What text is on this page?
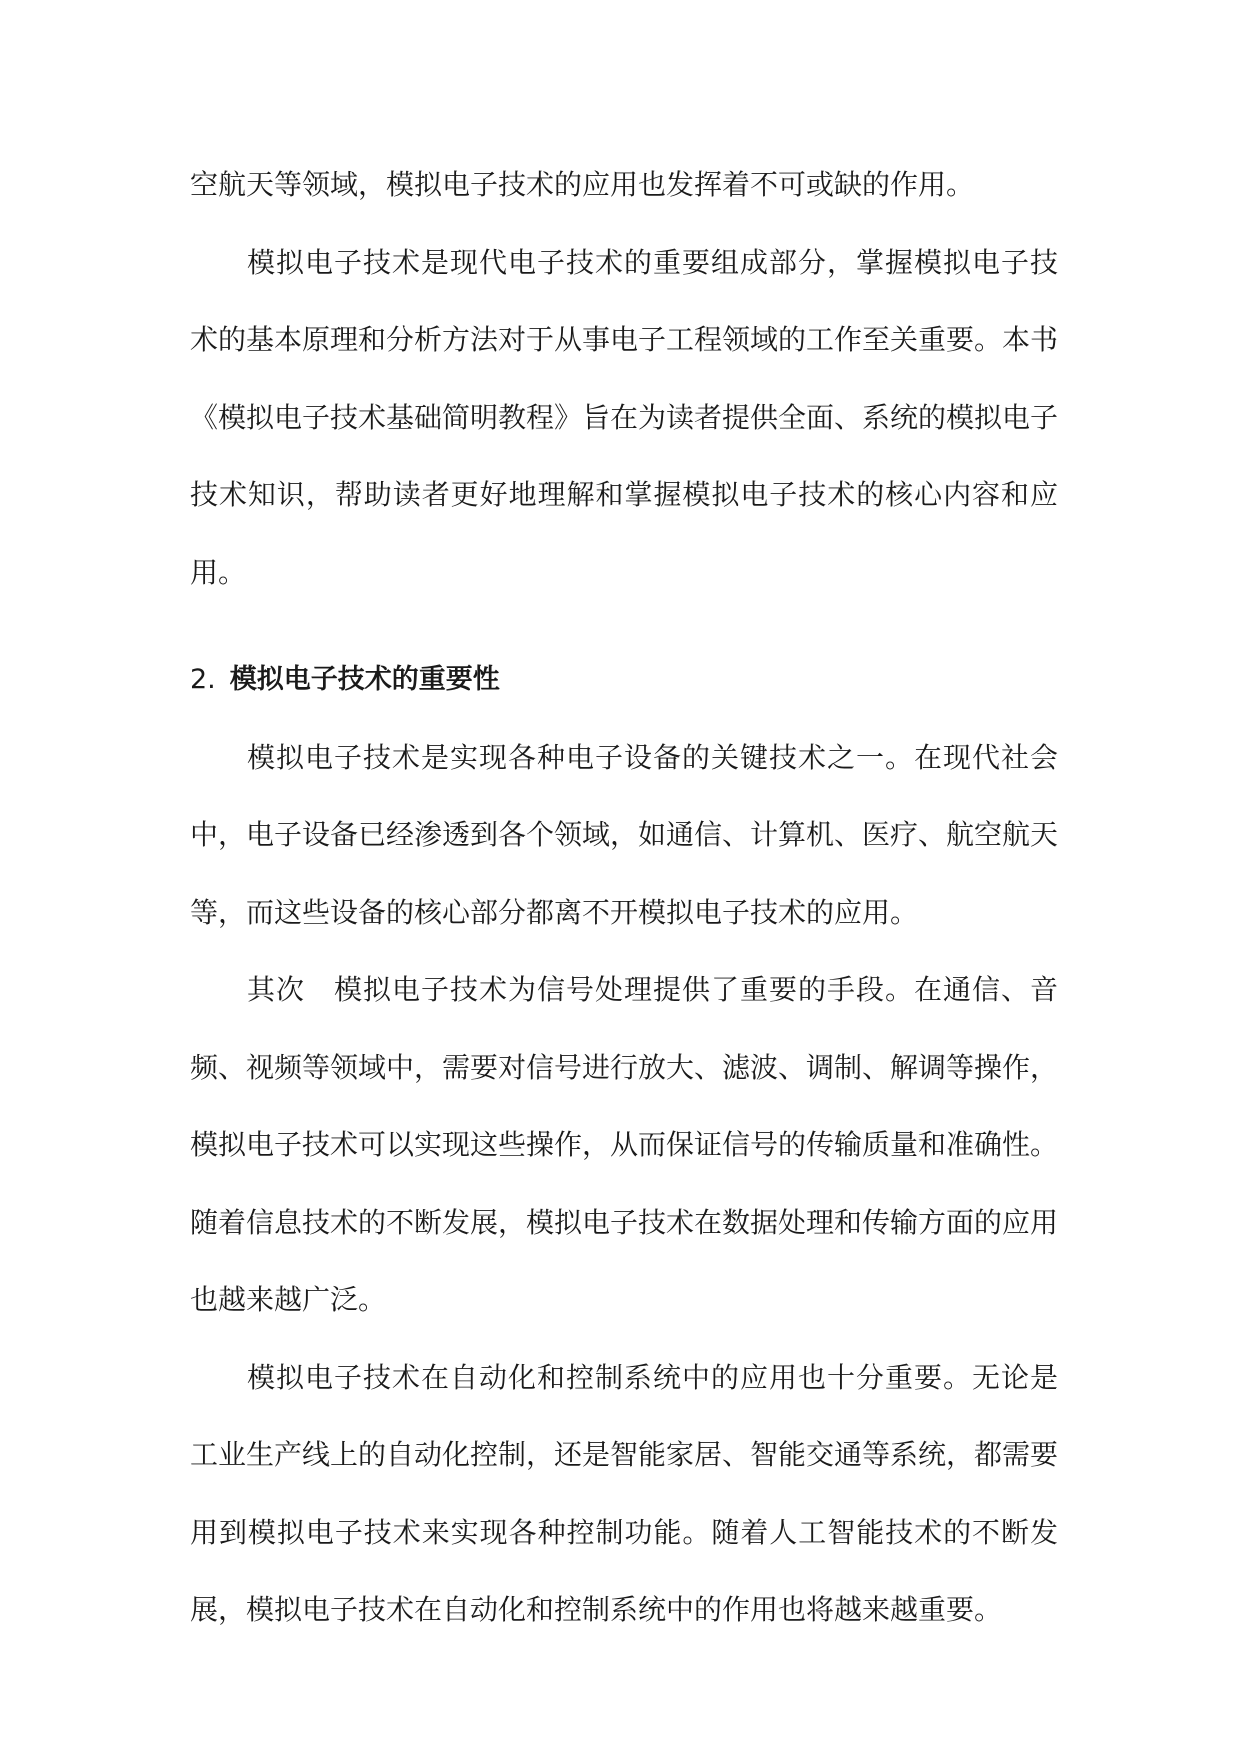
空航天等领域，模拟电子技术的应用也发挥着不可或缺的作用。

模拟电子技术是现代电子技术的重要组成部分，掌握模拟电子技术的基本原理和分析方法对于从事电子工程领域的工作至关重要。本书《模拟电子技术基础简明教程》旨在为读者提供全面、系统的模拟电子技术知识，帮助读者更好地理解和掌握模拟电子技术的核心内容和应用。

2. 模拟电子技术的重要性

模拟电子技术是实现各种电子设备的关键技术之一。在现代社会中，电子设备已经渗透到各个领域，如通信、计算机、医疗、航空航天等，而这些设备的核心部分都离不开模拟电子技术的应用。

其次　模拟电子技术为信号处理提供了重要的手段。在通信、音频、视频等领域中，需要对信号进行放大、滤波、调制、解调等操作，模拟电子技术可以实现这些操作，从而保证信号的传输质量和准确性。随着信息技术的不断发展，模拟电子技术在数据处理和传输方面的应用也越来越广泛。

模拟电子技术在自动化和控制系统中的应用也十分重要。无论是工业生产线上的自动化控制，还是智能家居、智能交通等系统，都需要用到模拟电子技术来实现各种控制功能。随着人工智能技术的不断发展，模拟电子技术在自动化和控制系统中的作用也将越来越重要。
